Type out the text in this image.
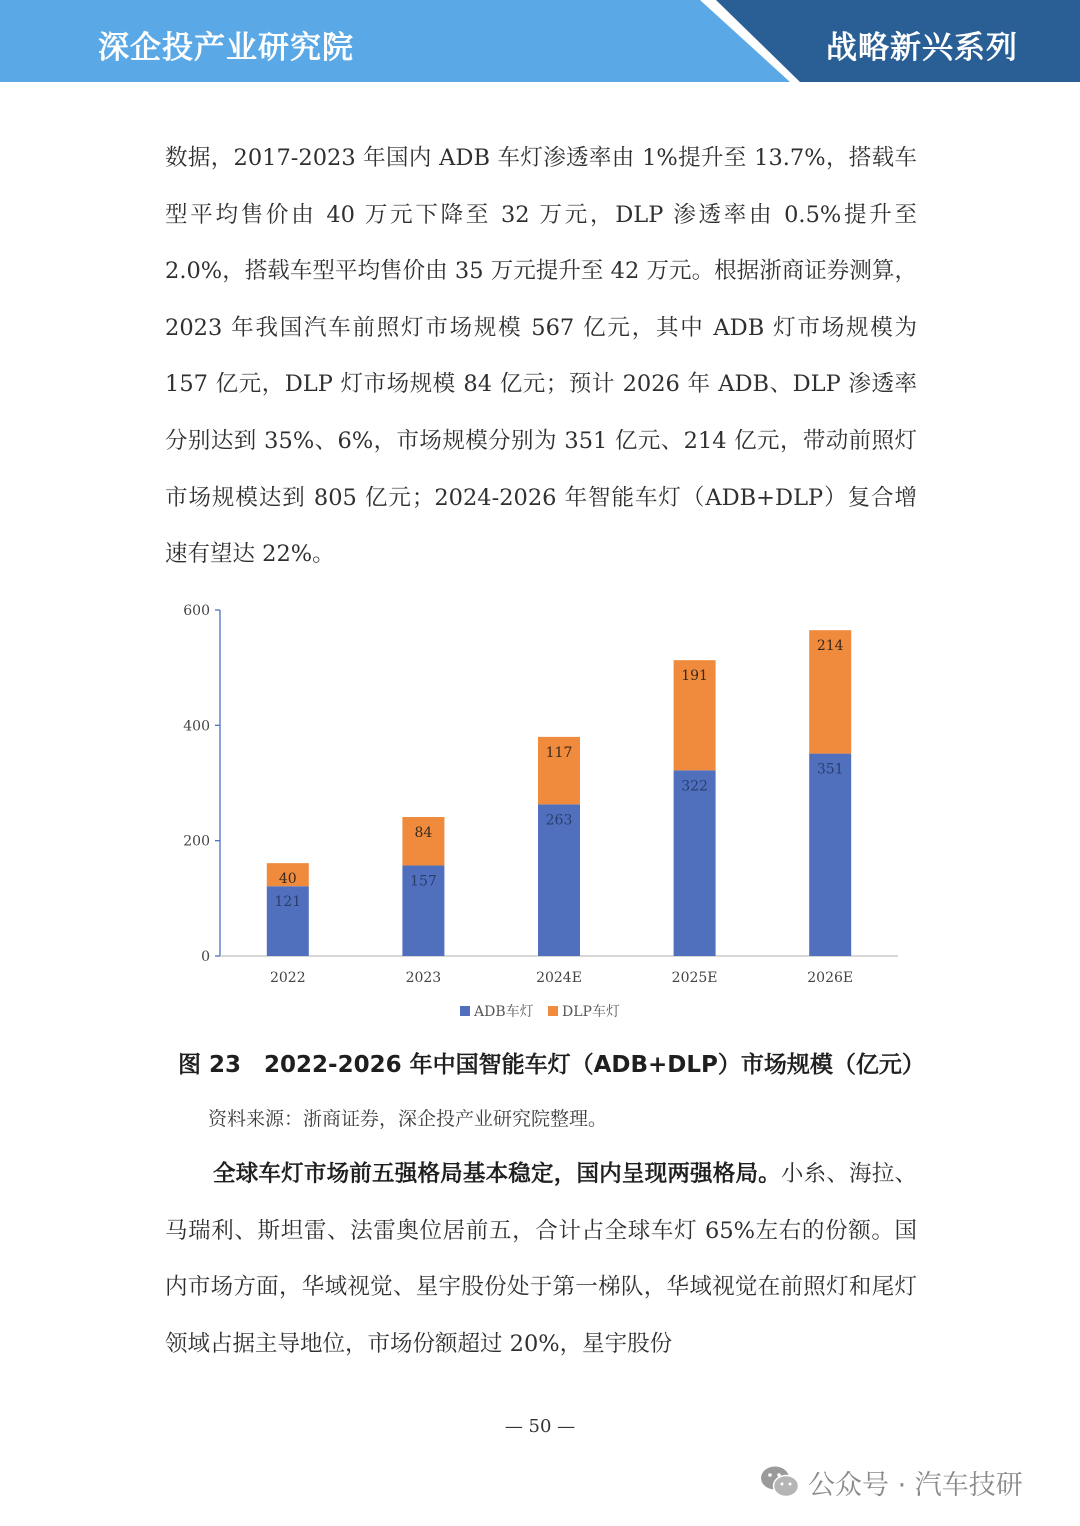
深企投产业研究院	战略新兴系列

数据，2017-2023 年国内 ADB 车灯渗透率由 1%提升至 13.7%，搭载车型平均售价由 40 万元下降至 32 万元，DLP 渗透率由 0.5%提升至 2.0%，搭载车型平均售价由 35 万元提升至 42 万元。根据浙商证券测算，2023 年我国汽车前照灯市场规模 567 亿元，其中 ADB 灯市场规模为 157 亿元，DLP 灯市场规模 84 亿元；预计 2026 年 ADB、DLP 渗透率分别达到 35%、6%，市场规模分别为 351 亿元、214 亿元，带动前照灯市场规模达到 805 亿元；2024-2026 年智能车灯（ADB+DLP）复合增速有望达 22%。

0
200
400
600
2022	2023	2024E	2025E	2026E
121
40	157
84
263
117
322
191
351
214
ADB车灯 DLP车灯
图 23　2022-2026 年中国智能车灯（ADB+DLP）市场规模（亿元）
资料来源：浙商证券，深企投产业研究院整理。

全球车灯市场前五强格局基本稳定，国内呈现两强格局。小糸、海拉、马瑞利、斯坦雷、法雷奥位居前五，合计占全球车灯 65%左右的份额。国内市场方面，华域视觉、星宇股份处于第一梯队，华域视觉在前照灯和尾灯领域占据主导地位，市场份额超过 20%，星宇股份

— 50 —
公众号 · 汽车技研
